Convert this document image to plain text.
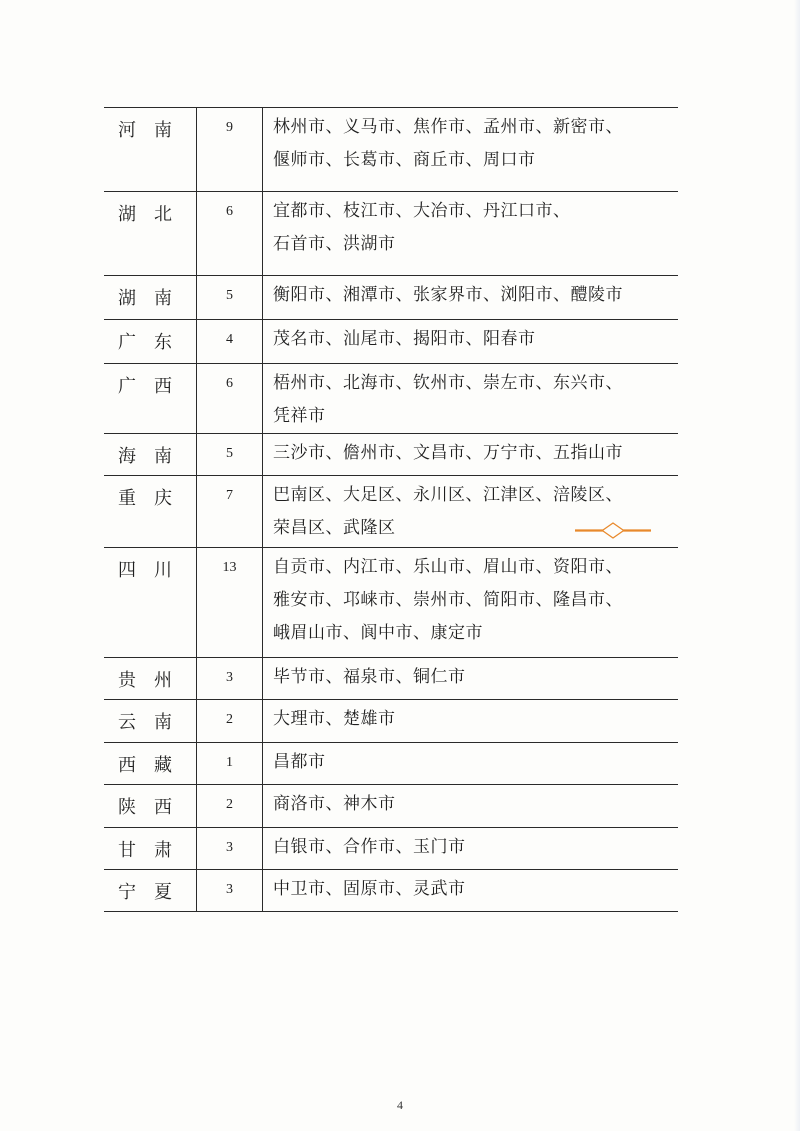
河南	9	林州市、义马市、焦作市、孟州市、新密市、
偃师市、长葛市、商丘市、周口市

湖北	6	宜都市、枝江市、大冶市、丹江口市、
石首市、洪湖市

湖南	5	衡阳市、湘潭市、张家界市、浏阳市、醴陵市

广东	4	茂名市、汕尾市、揭阳市、阳春市

广西	6	梧州市、北海市、钦州市、崇左市、东兴市、
凭祥市

海南	5	三沙市、儋州市、文昌市、万宁市、五指山市

重庆	7	巴南区、大足区、永川区、江津区、涪陵区、
荣昌区、武隆区

四川	13	自贡市、内江市、乐山市、眉山市、资阳市、
雅安市、邛崃市、崇州市、简阳市、隆昌市、
峨眉山市、阆中市、康定市

贵州	3	毕节市、福泉市、铜仁市

云南	2	大理市、楚雄市

西藏	1	昌都市

陕西	2	商洛市、神木市

甘肃	3	白银市、合作市、玉门市

宁夏	3	中卫市、固原市、灵武市
4
